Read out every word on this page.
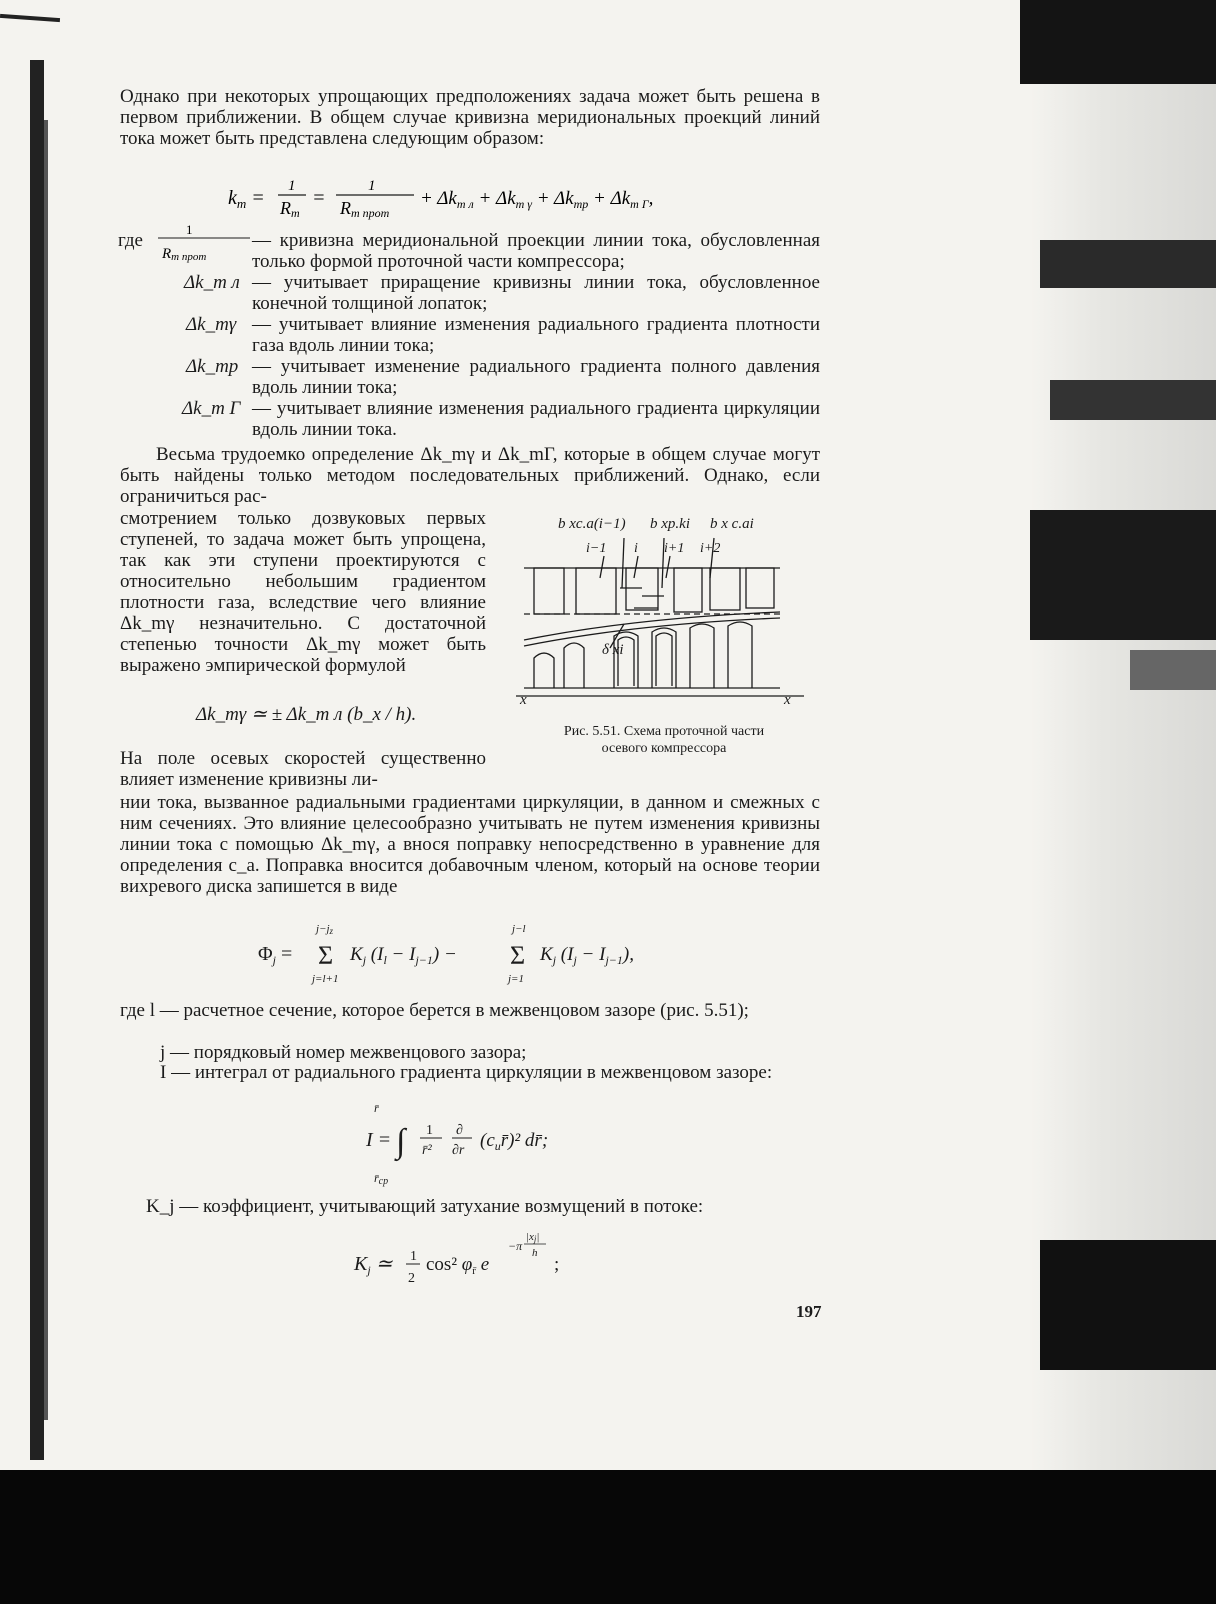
Однако при некоторых упрощающих предположениях задача может быть решена в первом приближении. В общем случае кривизна меридиональных проекций линий тока может быть представлена следующим образом:
$k_m$ =
1
Rm
=
1
Rm прот
+ $\Delta k_{m л} + \Delta k_{m \gamma} + \Delta k_{mp} + \Delta k_{m Г}$,
где
1
Rm прот
— кривизна меридиональной проекции линии тока, обусловленная только формой проточной части компрессора;
Δk_m л — учитывает приращение кривизны линии тока, обусловленное конечной толщиной лопаток;
Δk_mγ — учитывает влияние изменения радиального градиента плотности газа вдоль линии тока;
Δk_mp — учитывает изменение радиального градиента полного давления вдоль линии тока;
Δk_m Г — учитывает влияние изменения радиального градиента циркуляции вдоль линии тока.
Весьма трудоемко определение Δk_mγ и Δk_mГ, которые в общем случае могут быть найдены только методом последовательных приближений. Однако, если ограничиться рас-
смотрением только дозвуковых первых ступеней, то задача может быть упрощена, так как эти ступени проектируются с относительно небольшим градиентом плотности газа, вследствие чего влияние Δk_mγ незначительно. С достаточной степенью точности Δk_mγ может быть выражено эмпирической формулой
Δk_mγ ≃ ± Δk_m л (b_x / h).
На поле осевых скоростей существенно влияет изменение кривизны ли-
b xc.a(i−1) b xp.ki b x c.ai
i−1 i i+1 i+2
δ xi
x	x
Рис. 5.51. Схема проточной части
осевого компрессора
нии тока, вызванное радиальными градиентами циркуляции, в данном и смежных с ним сечениях. Это влияние целесообразно учитывать не путем изменения кривизны линии тока с помощью Δk_mγ, а внося поправку непосредственно в уравнение для определения c_a. Поправка вносится добавочным членом, который на основе теории вихревого диска запишется в виде
$\Phi_j$ =
j−jz
Σ
j=l+1
$K_j$ $(I_l - I_{j-1})$ −
j−l
Σ
j=1
$K_j$ $(I_j - I_{j-1})$,
где l — расчетное сечение, которое берется в межвенцовом зазоре (рис. 5.51);
j — порядковый номер межвенцового зазора;
I — интеграл от радиального градиента циркуляции в межвенцовом зазоре:
I =
r̄
∫
r̄ср
1
r̄²
∂
∂r $(c_ur̄)^2$ dr̄;
K_j — коэффициент, учитывающий затухание возмущений в потоке:
$K_j$ ≃ 1
2
cos² $\varphi_{r̄}$ e
−π
|xj|
h
;
197
